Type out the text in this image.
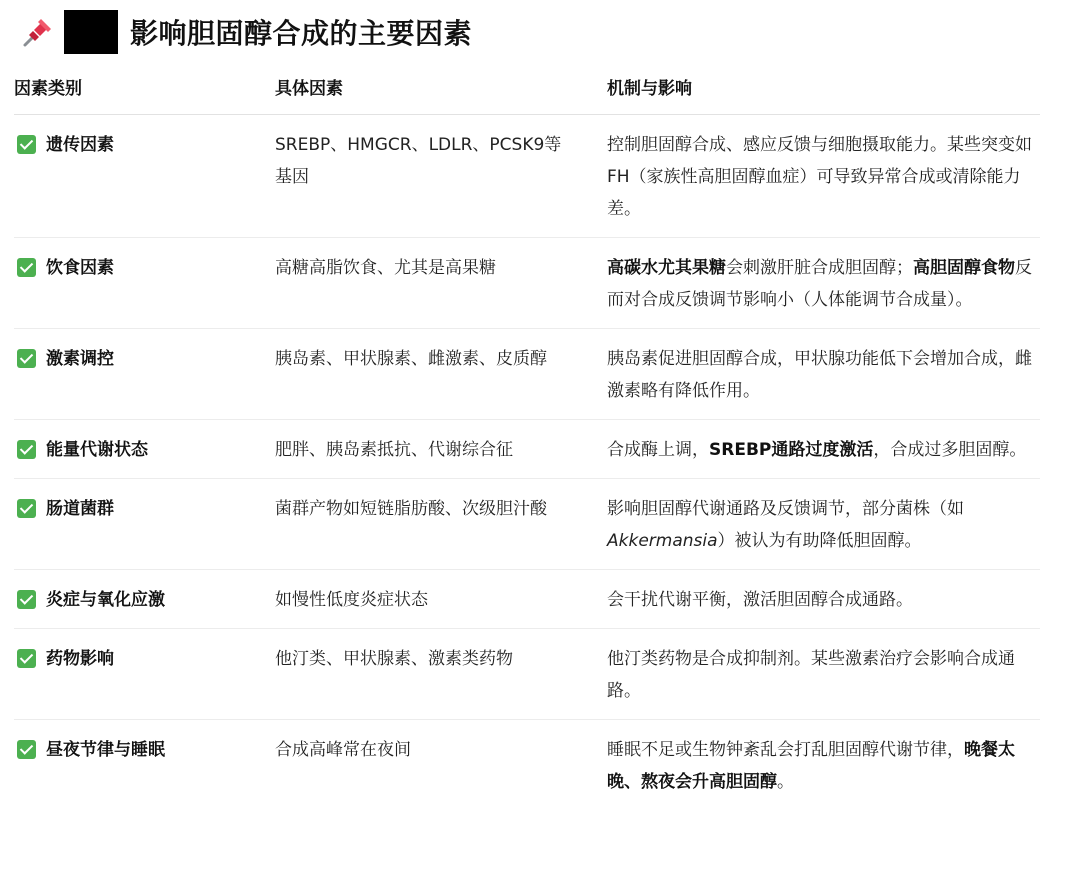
影响胆固醇合成的主要因素
因素类别	具体因素	机制与影响

遗传因素	SREBP、HMGCR、LDLR、PCSK9等基因	控制胆固醇合成、感应反馈与细胞摄取能力。某些突变如 FH（家族性高胆固醇血症）可导致异常合成或清除能力差。

饮食因素	高糖高脂饮食、尤其是高果糖	高碳水尤其果糖会刺激肝脏合成胆固醇；高胆固醇食物反而对合成反馈调节影响小（人体能调节合成量）。

激素调控	胰岛素、甲状腺素、雌激素、皮质醇	胰岛素促进胆固醇合成，甲状腺功能低下会增加合成，雌激素略有降低作用。

能量代谢状态	肥胖、胰岛素抵抗、代谢综合征	合成酶上调，SREBP通路过度激活，合成过多胆固醇。

肠道菌群	菌群产物如短链脂肪酸、次级胆汁酸	影响胆固醇代谢通路及反馈调节，部分菌株（如 Akkermansia）被认为有助降低胆固醇。

炎症与氧化应激	如慢性低度炎症状态	会干扰代谢平衡，激活胆固醇合成通路。

药物影响	他汀类、甲状腺素、激素类药物	他汀类药物是合成抑制剂。某些激素治疗会影响合成通路。

昼夜节律与睡眠	合成高峰常在夜间	睡眠不足或生物钟紊乱会打乱胆固醇代谢节律，晚餐太晚、熬夜会升高胆固醇。
